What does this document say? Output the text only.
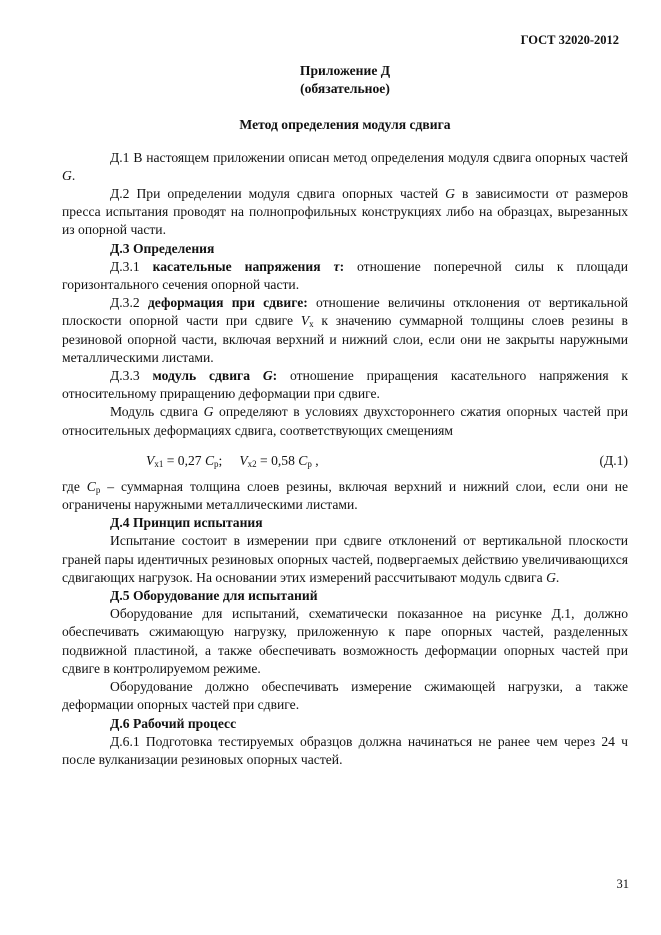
ГОСТ 32020-2012
Приложение Д
(обязательное)
Метод определения модуля сдвига

Д.1 В настоящем приложении описан метод определения модуля сдвига опорных частей G.

Д.2 При определении модуля сдвига опорных частей G в зависимости от размеров пресса испытания проводят на полнопрофильных конструкциях либо на образцах, вырезанных из опорной части.

Д.3 Определения

Д.3.1 касательные напряжения τ: отношение поперечной силы к площади горизонтального сечения опорной части.

Д.3.2 деформация при сдвиге: отношение величины отклонения от вертикальной плоскости опорной части при сдвиге $V_x$ к значению суммарной толщины слоев резины в резиновой опорной части, включая верхний и нижний слои, если они не закрыты наружными металлическими листами.

Д.3.3 модуль сдвига G: отношение приращения касательного напряжения к относительному приращению деформации при сдвиге.

Модуль сдвига G определяют в условиях двухстороннего сжатия опорных частей при относительных деформациях сдвига, соответствующих смещениям

$V_{x1} = 0,27$ $C_р$;     $V_{x2} = 0,58$ $C_р$ ,	(Д.1)

где $C_р$ – суммарная толщина слоев резины, включая верхний и нижний слои, если они не ограничены наружными металлическими листами.

Д.4 Принцип испытания

Испытание состоит в измерении при сдвиге отклонений от вертикальной плоскости граней пары идентичных резиновых опорных частей, подвергаемых действию увеличивающихся сдвигающих нагрузок. На основании этих измерений рассчитывают модуль сдвига G.

Д.5 Оборудование для испытаний

Оборудование для испытаний, схематически показанное на рисунке Д.1, должно обеспечивать сжимающую нагрузку, приложенную к паре опорных частей, разделенных подвижной пластиной, а также обеспечивать возможность деформации опорных частей при сдвиге в контролируемом режиме.

Оборудование должно обеспечивать измерение сжимающей нагрузки, а также деформации опорных частей при сдвиге.

Д.6 Рабочий процесс

Д.6.1 Подготовка тестируемых образцов должна начинаться не ранее чем через 24 ч после вулканизации резиновых опорных частей.

31
